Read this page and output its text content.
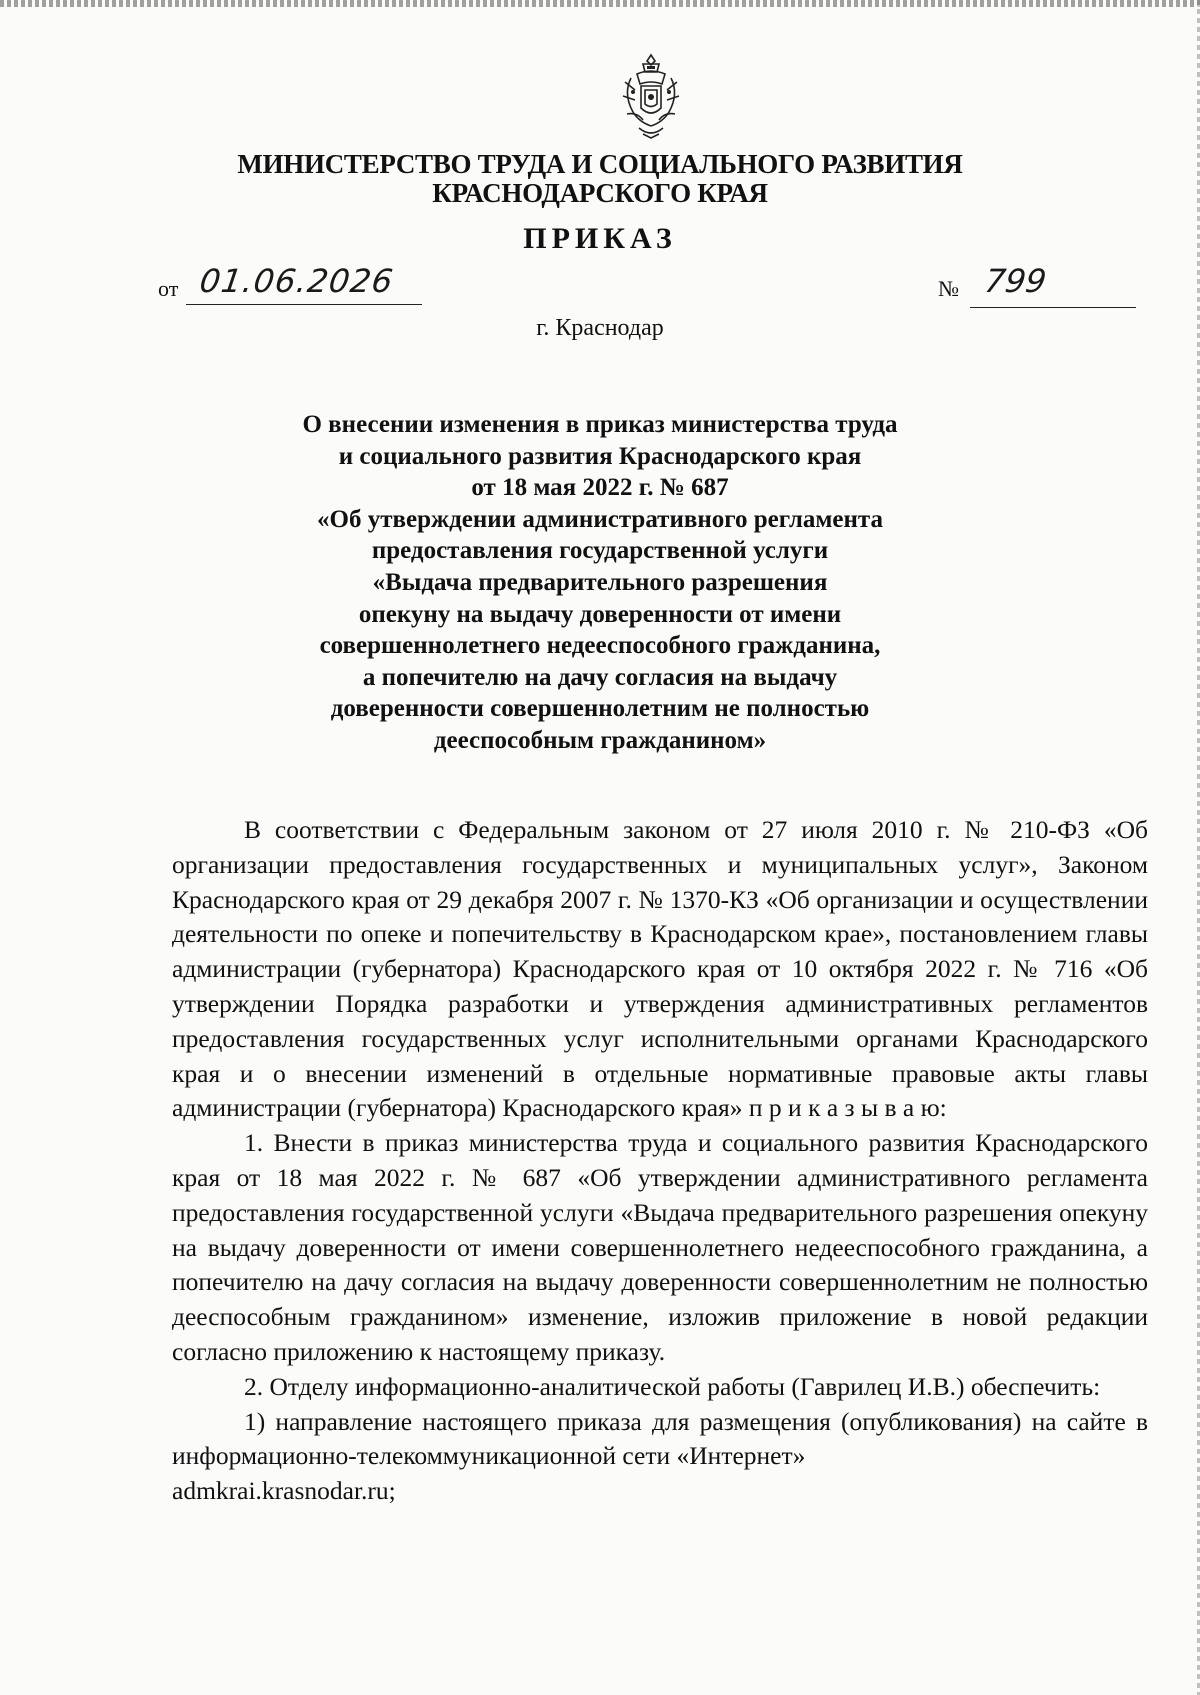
МИНИСТЕРСТВО ТРУДА И СОЦИАЛЬНОГО РАЗВИТИЯ
КРАСНОДАРСКОГО КРАЯ
ПРИКАЗ
от 01.06.2026	№ 799
г. Краснодар
О внесении изменения в приказ министерства труда
и социального развития Краснодарского края
от 18 мая 2022 г. № 687
«Об утверждении административного регламента
предоставления государственной услуги
«Выдача предварительного разрешения
опекуну на выдачу доверенности от имени
совершеннолетнего недееспособного гражданина,
а попечителю на дачу согласия на выдачу
доверенности совершеннолетним не полностью
дееспособным гражданином»

В соответствии с Федеральным законом от 27 июля 2010 г. № 210-ФЗ «Об организации предоставления государственных и муниципальных услуг», Законом Краснодарского края от 29 декабря 2007 г. № 1370-КЗ «Об организации и осуществлении деятельности по опеке и попечительству в Краснодарском крае», постановлением главы администрации (губернатора) Краснодарского края от 10 октября 2022 г. № 716 «Об утверждении Порядка разработки и утверждения административных регламентов предоставления государственных услуг исполнительными органами Краснодарского края и о внесении изменений в отдельные нормативные правовые акты главы администрации (губернатора) Краснодарского края» п р и к а з ы в а ю:

1. Внести в приказ министерства труда и социального развития Краснодарского края от 18 мая 2022 г. № 687 «Об утверждении административного регламента предоставления государственной услуги «Выдача предварительного разрешения опекуну на выдачу доверенности от имени совершеннолетнего недееспособного гражданина, а попечителю на дачу согласия на выдачу доверенности совершеннолетним не полностью дееспособным гражданином» изменение, изложив приложение в новой редакции согласно приложению к настоящему приказу.

2. Отделу информационно-аналитической работы (Гаврилец И.В.) обеспечить:

1) направление настоящего приказа для размещения (опубликования) на сайте в информационно-телекоммуникационной сети «Интернет»

admkrai.krasnodar.ru;
